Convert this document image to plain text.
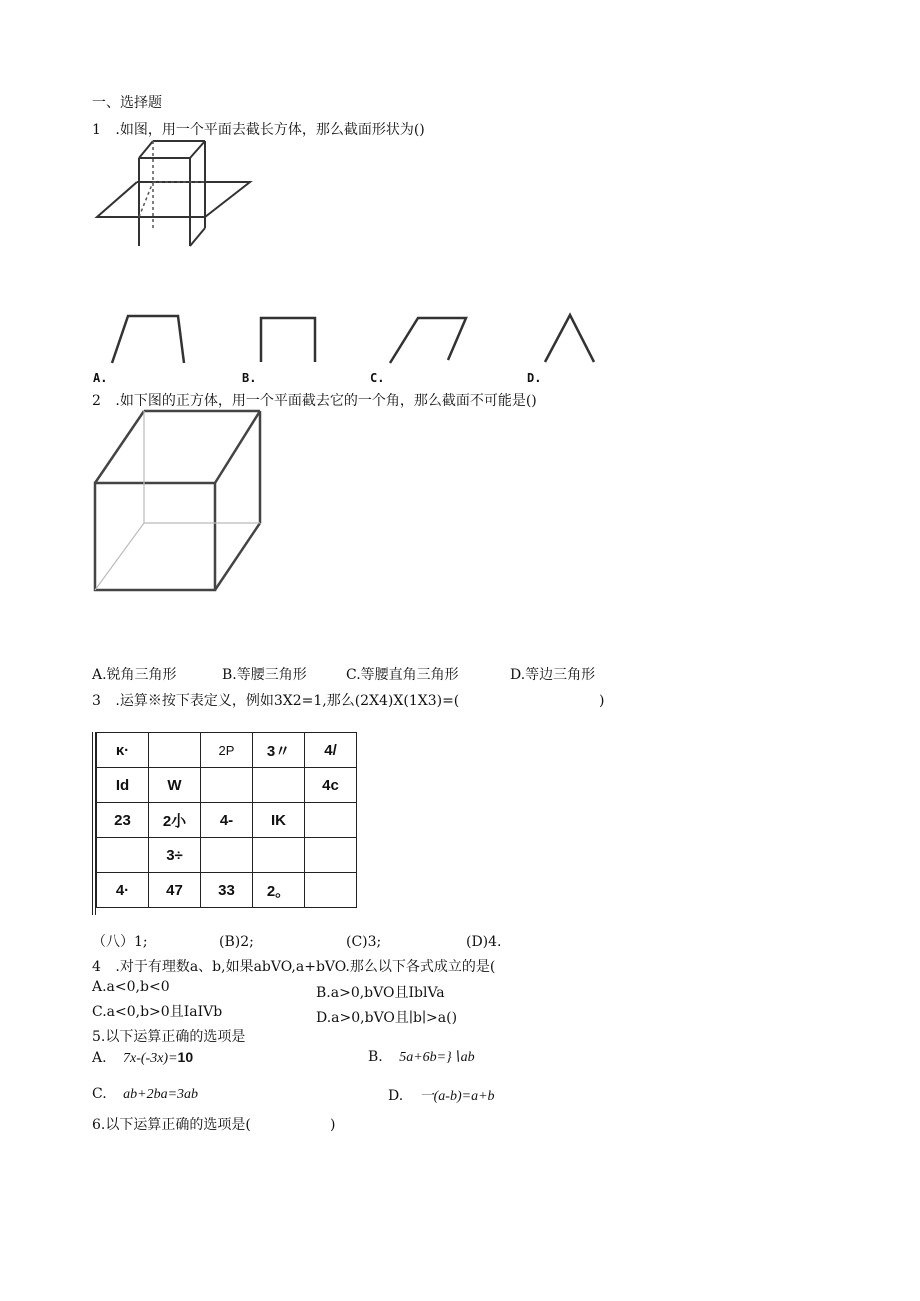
一、选择题
1 .如图，用一个平面去截长方体，那么截面形状为()
A.	B.	C.	D.
2 .如下图的正方体，用一个平面截去它的一个角，那么截面不可能是()
A.锐角三角形	B.等腰三角形	C.等腰直角三角形	D.等边三角形
3 .运算※按下表定义，例如3X2=1,那么(2X4)X(1X3)=(	)
κ·		2P	3〃	4/
Id	W			4c
23	2小	4-	IK	
	3÷			
4·	47	33	2。	
（八）1;	(B)2;	(C)3;	(D)4.
4 .对于有理数a、b,如果abVO,a+bVO.那么以下各式成立的是(
A.a<0,b<0	B.a>0,bVO且IblVa
C.a<0,b>0且IaIVb	D.a>0,bVO且∣b∣>a()
5.以下运算正确的选项是
A. 7x-(-3x)=10	B. 5a+6b=}∖ab
C. ab+2ba=3ab	D. 一(a-b)=a+b
6.以下运算正确的选项是(	)
